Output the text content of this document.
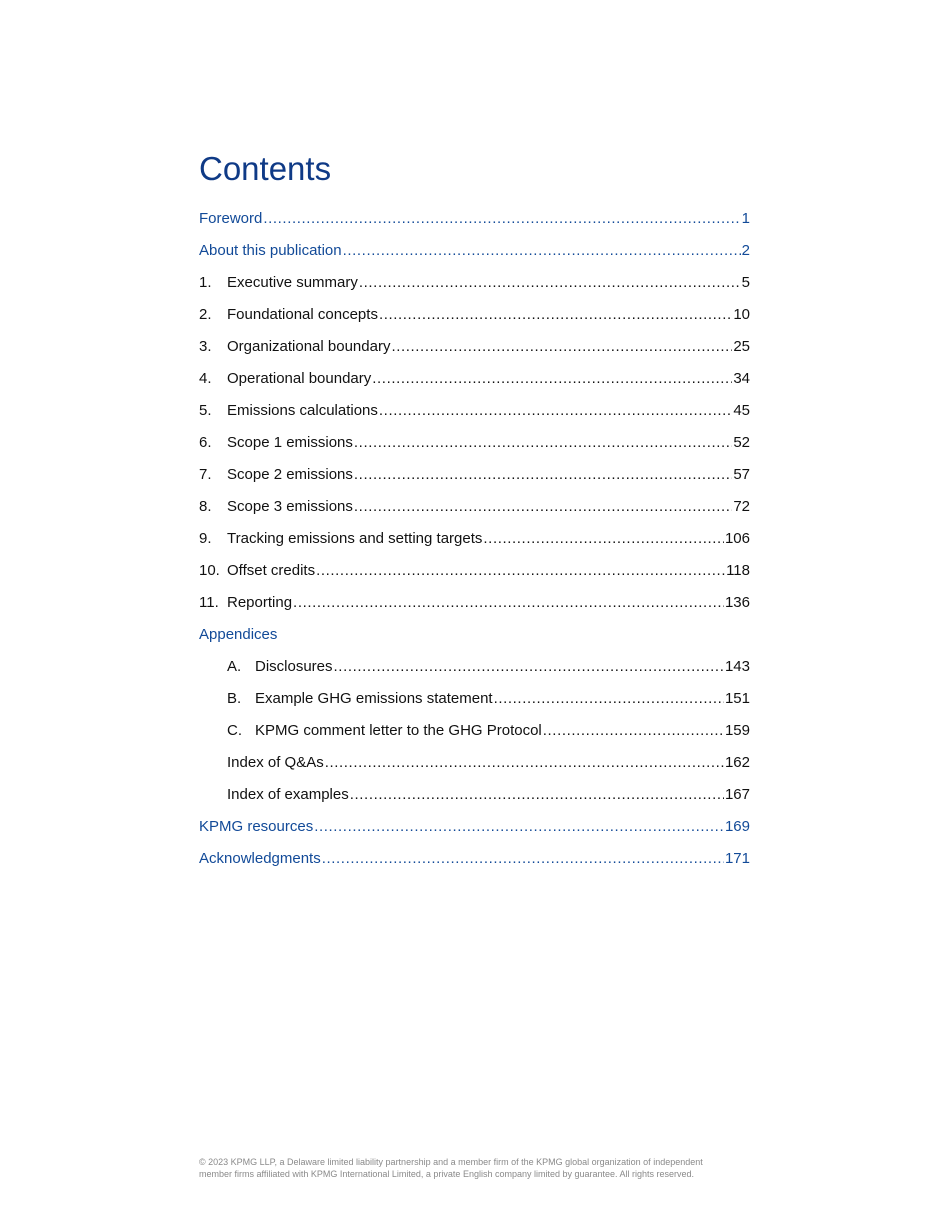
Contents
Foreword .....	1
About this publication .....	2
1.	Executive summary .....	5
2.	Foundational concepts .....	10
3.	Organizational boundary .....	25
4.	Operational boundary .....	34
5.	Emissions calculations .....	45
6.	Scope 1 emissions .....	52
7.	Scope 2 emissions .....	57
8.	Scope 3 emissions .....	72
9.	Tracking emissions and setting targets .....	106
10. Offset credits .....	118
11. Reporting .....	136
Appendices
A. Disclosures .....	143
B. Example GHG emissions statement .....	151
C. KPMG comment letter to the GHG Protocol .....	159
Index of Q&As .....	162
Index of examples .....	167
KPMG resources .....	169
Acknowledgments .....	171
© 2023 KPMG LLP, a Delaware limited liability partnership and a member firm of the KPMG global organization of independent
member firms affiliated with KPMG International Limited, a private English company limited by guarantee. All rights reserved.
